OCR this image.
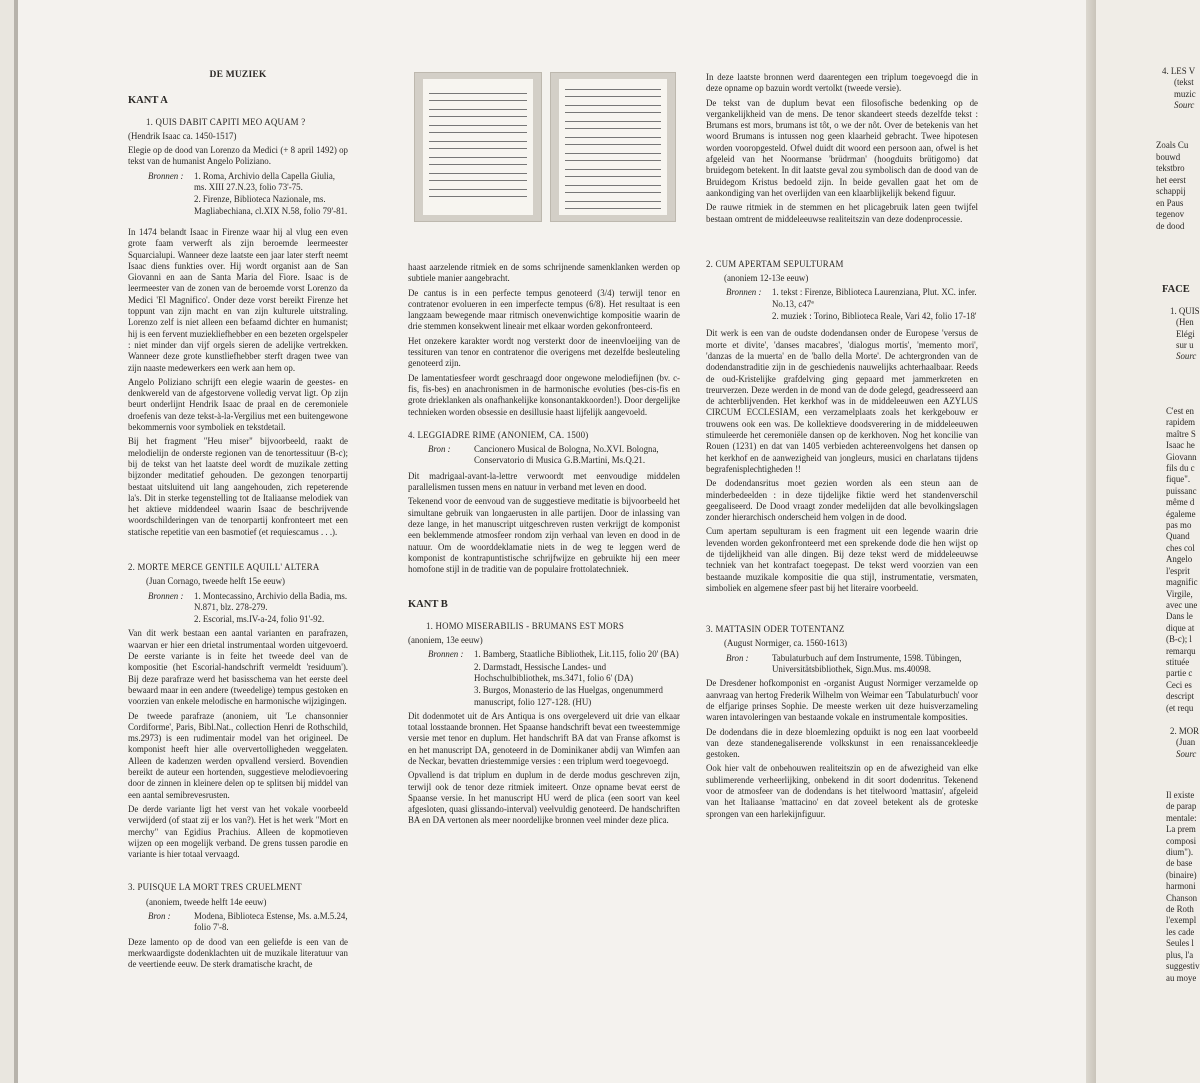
DE MUZIEK
KANT A

1. QUIS DABIT CAPITI MEO AQUAM ?

(Hendrik Isaac ca. 1450-1517)

Elegie op de dood van Lorenzo da Medici (+ 8 april 1492) op tekst van de humanist Angelo Poliziano.

Bronnen :	1. Roma, Archivio della Capella Giulia, ms. XIII 27.N.23, folio 73'-75.
2. Firenze, Biblioteca Nazionale, ms. Magliabechiana, cl.XIX N.58, folio 79'-81.

In 1474 belandt Isaac in Firenze waar hij al vlug een even grote faam verwerft als zijn beroemde leermeester Squarcialupi. Wanneer deze laatste een jaar later sterft neemt Isaac diens funkties over. Hij wordt organist aan de San Giovanni en aan de Santa Maria del Fiore. Isaac is de leermeester van de zonen van de beroemde vorst Lorenzo da Medici 'El Magnifico'. Onder deze vorst bereikt Firenze het toppunt van zijn macht en van zijn kulturele uitstraling. Lorenzo zelf is niet alleen een befaamd dichter en humanist; hij is een fervent muziekliefhebber en een bezeten orgelspeler : niet minder dan vijf orgels sieren de adelijke vertrekken. Wanneer deze grote kunstliefhebber sterft dragen twee van zijn naaste medewerkers een werk aan hem op.

Angelo Poliziano schrijft een elegie waarin de geestes- en denkwereld van de afgestorvene volledig vervat ligt. Op zijn beurt onderlijnt Hendrik Isaac de praal en de ceremoniele droefenis van deze tekst-à-la-Vergilius met een buitengewone bekommernis voor symboliek en tekstdetail.

Bij het fragment "Heu miser" bijvoorbeeld, raakt de melodielijn de onderste regionen van de tenortessituur (B-c); bij de tekst van het laatste deel wordt de muzikale zetting bijzonder meditatief gehouden. De gezongen tenorpartij bestaat uitsluitend uit lang aangehouden, zich repeterende la's. Dit in sterke tegenstelling tot de Italiaanse melodiek van het aktieve middendeel waarin Isaac de beschrijvende woordschilderingen van de tenorpartij konfronteert met een statische repetitie van een basmotief (et requiescamus . . .).

2. MORTE MERCE GENTILE AQUILL' ALTERA

(Juan Cornago, tweede helft 15e eeuw)

Bronnen :	1. Montecassino, Archivio della Badia, ms. N.871, blz. 278-279.
2. Escorial, ms.IV-a-24, folio 91'-92.

Van dit werk bestaan een aantal varianten en parafrazen, waarvan er hier een drietal instrumentaal worden uitgevoerd. De eerste variante is in feite het tweede deel van de kompositie (het Escorial-handschrift vermeldt 'residuum'). Bij deze parafraze werd het basisschema van het eerste deel bewaard maar in een andere (tweedelige) tempus gestoken en voorzien van enkele melodische en harmonische wijzigingen.

De tweede parafraze (anoniem, uit 'Le chansonnier Cordiforme', Paris, Bibl.Nat., collection Henri de Rothschild, ms.2973) is een rudimentair model van het origineel. De komponist heeft hier alle oververtolligheden weggelaten. Alleen de kadenzen werden opvallend versierd. Bovendien bereikt de auteur een hortenden, suggestieve melodievoering door de zinnen in kleinere delen op te splitsen bij middel van een aantal semibrevesrusten.

De derde variante ligt het verst van het vokale voorbeeld verwijderd (of staat zij er los van?). Het is het werk "Mort en merchy" van Egidius Prachius. Alleen de kopmotieven wijzen op een mogelijk verband. De grens tussen parodie en variante is hier totaal vervaagd.

3. PUISQUE LA MORT TRES CRUELMENT

(anoniem, tweede helft 14e eeuw)

Bron :	Modena, Biblioteca Estense, Ms. a.M.5.24, folio 7'-8.

Deze lamento op de dood van een geliefde is een van de merkwaardigste dodenklachten uit de muzikale literatuur van de veertiende eeuw. De sterk dramatische kracht, de

haast aarzelende ritmiek en de soms schrijnende samenklanken werden op subtiele manier aangebracht.

De cantus is in een perfecte tempus genoteerd (3/4) terwijl tenor en contratenor evolueren in een imperfecte tempus (6/8). Het resultaat is een langzaam bewegende maar ritmisch onevenwichtige kompositie waarin de drie stemmen konsekwent lineair met elkaar worden gekonfronteerd.

Het onzekere karakter wordt nog versterkt door de ineenvloeijing van de tessituren van tenor en contratenor die overigens met dezelfde besleuteling genoteerd zijn.

De lamentatiesfeer wordt geschraagd door ongewone melodiefijnen (bv. c-fis, fis-bes) en anachronismen in de harmonische evoluties (bes-cis-fis en grote drieklanken als onafhankelijke konsonantakkoorden!). Door dergelijke technieken worden obsessie en desillusie haast lijfelijk aangevoeld.

4. LEGGIADRE RIME (ANONIEM, CA. 1500)

Bron :	Cancionero Musical de Bologna, No.XVI. Bologna, Conservatorio di Musica G.B.Martini, Ms.Q.21.

Dit madrigaal-avant-la-lettre verwoordt met eenvoudige middelen parallelismen tussen mens en natuur in verband met leven en dood.

Tekenend voor de eenvoud van de suggestieve meditatie is bijvoorbeeld het simultane gebruik van longaerusten in alle partijen. Door de inlassing van deze lange, in het manuscript uitgeschreven rusten verkrijgt de komponist een beklemmende atmosfeer rondom zijn verhaal van leven en dood in de natuur. Om de woorddeklamatie niets in de weg te leggen werd de komponist de kontrapuntistische schrijfwijze en gebruikte hij een meer homofone stijl in de traditie van de populaire frottolatechniek.

KANT B

1. HOMO MISERABILIS - BRUMANS EST MORS

(anoniem, 13e eeuw)

Bronnen :	1. Bamberg, Staatliche Bibliothek, Lit.115, folio 20' (BA)
2. Darmstadt, Hessische Landes- und Hochschulbibliothek, ms.3471, folio 6' (DA)
3. Burgos, Monasterio de las Huelgas, ongenummerd manuscript, folio 127'-128. (HU)

Dit dodenmotet uit de Ars Antiqua is ons overgeleverd uit drie van elkaar totaal losstaande bronnen. Het Spaanse handschrift bevat een tweestemmige versie met tenor en duplum. Het handschrift BA dat van Franse afkomst is en het manuscript DA, genoteerd in de Dominikaner abdij van Wimfen aan de Neckar, bevatten driestemmige versies : een triplum werd toegevoegd.

Opvallend is dat triplum en duplum in de derde modus geschreven zijn, terwijl ook de tenor deze ritmiek imiteert. Onze opname bevat eerst de Spaanse versie. In het manuscript HU werd de plica (een soort van keel afgesloten, quasi glissando-interval) veelvuldig genoteerd. De handschriften BA en DA vertonen als meer noordelijke bronnen veel minder deze plica.

In deze laatste bronnen werd daarentegen een triplum toegevoegd die in deze opname op bazuin wordt vertolkt (tweede versie).

De tekst van de duplum bevat een filosofische bedenking op de vergankelijkheid van de mens. De tenor skandeert steeds dezelfde tekst : Brumans est mors, brumans ist tôt, o we der nôt. Over de betekenis van het woord Brumans is intussen nog geen klaarheid gebracht. Twee hipotesen worden vooropgesteld. Ofwel duidt dit woord een persoon aan, ofwel is het afgeleid van het Noormanse 'brüdrman' (hoogduits brütigomo) dat bruidegom betekent. In dit laatste geval zou symbolisch dan de dood van de Bruidegom Kristus bedoeld zijn. In beide gevallen gaat het om de aankondiging van het overlijden van een klaarblijkelijk bekend figuur.

De rauwe ritmiek in de stemmen en het plicagebruik laten geen twijfel bestaan omtrent de middeleeuwse realiteitszin van deze dodenprocessie.

2. CUM APERTAM SEPULTURAM

(anoniem 12-13e eeuw)

Bronnen :	1. tekst : Firenze, Biblioteca Laurenziana, Plut. XC. infer. No.13, c47ª
2. muziek : Torino, Biblioteca Reale, Vari 42, folio 17-18'

Dit werk is een van de oudste dodendansen onder de Europese 'versus de morte et divite', 'danses macabres', 'dialogus mortis', 'memento mori', 'danzas de la muerta' en de 'ballo della Morte'. De achtergronden van de dodendanstraditie zijn in de geschiedenis nauwelijks achterhaalbaar. Reeds de oud-Kristelijke grafdelving ging gepaard met jammerkreten en treurverzen. Deze werden in de mond van de dode gelegd, geadresseerd aan de achterblijvenden. Het kerkhof was in de middeleeuwen een AZYLUS CIRCUM ECCLESIAM, een verzamelplaats zoals het kerkgebouw er trouwens ook een was. De kollektieve doodsverering in de middeleeuwen stimuleerde het ceremoniële dansen op de kerkhoven. Nog het koncilie van Rouen (1231) en dat van 1405 verbieden achtereenvolgens het dansen op het kerkhof en de aanwezigheid van jongleurs, musici en charlatans tijdens begrafenisplechtigheden !!

De dodendansritus moet gezien worden als een steun aan de minderbedeelden : in deze tijdelijke fiktie werd het standenverschil geegaliseerd. De Dood vraagt zonder medelijden dat alle bevolkingslagen zonder hierarchisch onderscheid hem volgen in de dood.

Cum apertam sepulturam is een fragment uit een legende waarin drie levenden worden gekonfronteerd met een sprekende dode die hen wijst op de tijdelijkheid van alle dingen. Bij deze tekst werd de middeleeuwse techniek van het kontrafact toegepast. De tekst werd voorzien van een bestaande muzikale kompositie die qua stijl, instrumentatie, versmaten, simboliek en algemene sfeer past bij het literaire voorbeeld.

3. MATTASIN ODER TOTENTANZ

(August Normiger, ca. 1560-1613)

Bron :	Tabulaturbuch auf dem Instrumente, 1598. Tübingen, Universitätsbibliothek, Sign.Mus. ms.40098.

De Dresdener hofkomponist en -organist August Normiger verzamelde op aanvraag van hertog Frederik Wilhelm von Weimar een 'Tabulaturbuch' voor de elfjarige prinses Sophie. De meeste werken uit deze huisverzameling waren intavoleringen van bestaande vokale en instrumentale komposities.

De dodendans die in deze bloemlezing opduikt is nog een laat voorbeeld van deze standenegaliserende volkskunst in een renaissancekleedje gestoken.

Ook hier valt de onbehouwen realiteitszin op en de afwezigheid van elke sublimerende verheerlijking, onbekend in dit soort dodenritus. Tekenend voor de atmosfeer van de dodendans is het titelwoord 'mattasin', afgeleid van het Italiaanse 'mattacino' en dat zoveel betekent als de groteske sprongen van een harlekijnfiguur.

4. LES V

(tekst

muzic

Sourc

Zoals Cu
bouwd
tekstbro
het eerst
schappij
en Paus
tegenov
de dood
FACE
1. QUIS
(Hen
Elégi
sur u
Sourc
C'est en
rapidem
maître S
Isaac he
Giovann
fils du c
fique".
puissanc
même d
égaleme
pas mo
Quand
ches col
Angelo
l'esprit
magnific
Virgile,
avec une
Dans le
dique at
(B-c); l
remarqu
stituée
partie c
Ceci es
descript
(et requ
2. MOR
(Juan
Sourc
Il existe
de parap
mentale:
La prem
composi
dium").
de base
(binaire)
harmoni
Chanson
de Roth
l'exempl
les cade
Seules l
plus, l'a
suggestiv
au moye
